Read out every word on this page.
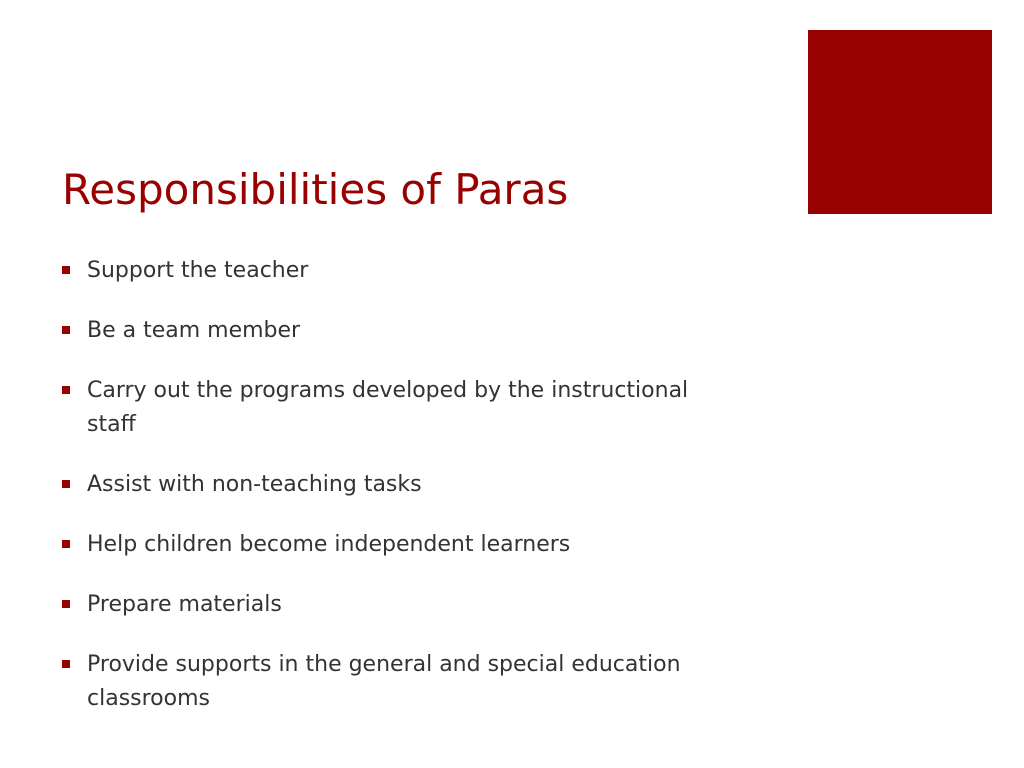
Responsibilities of Paras
Support the teacher
Be a team member
Carry out the programs developed by the instructional staff
Assist with non-teaching tasks
Help children become independent learners
Prepare materials
Provide supports in the general and special education classrooms
